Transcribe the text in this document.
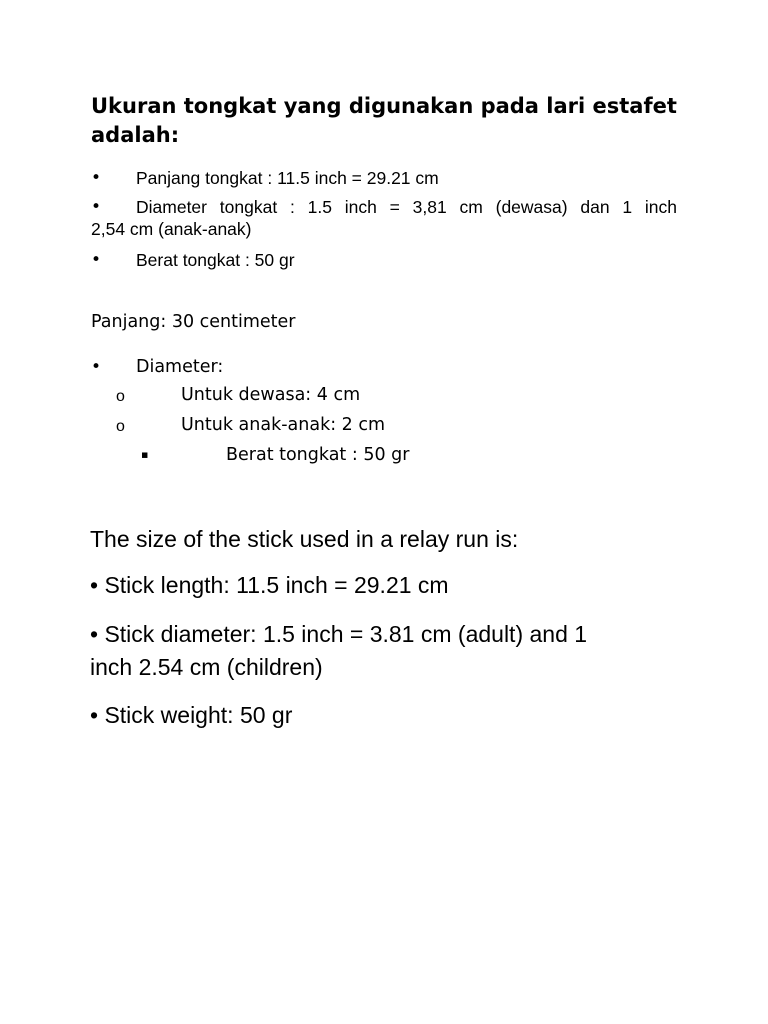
Ukuran tongkat yang digunakan pada lari estafet adalah:
• Panjang tongkat : 11.5 inch = 29.21 cm
•	Diameter tongkat : 1.5 inch = 3,81 cm (dewasa) dan 1 inch
2,54 cm (anak-anak)
• Berat tongkat : 50 gr

Panjang: 30 centimeter

• Diameter:
o	Untuk dewasa: 4 cm
o	Untuk anak-anak: 2 cm
▪	Berat tongkat : 50 gr

The size of the stick used in a relay run is:

• Stick length: 11.5 inch = 29.21 cm

• Stick diameter: 1.5 inch = 3.81 cm (adult) and 1

inch 2.54 cm (children)

• Stick weight: 50 gr
